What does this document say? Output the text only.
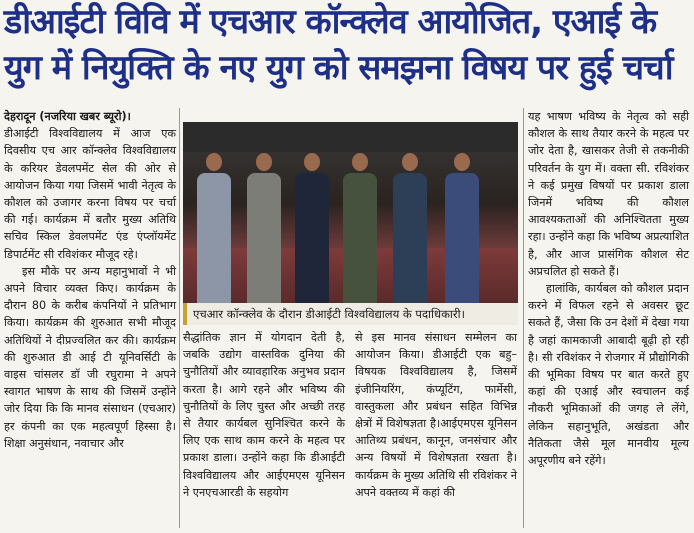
डीआईटी विवि में एचआर कॉन्क्लेव आयोजित, एआई के
युग में नियुक्ति के नए युग को समझना विषय पर हुई चर्चा

देहरादून (नजरिया खबर ब्यूरो)।

डीआईटी विश्वविद्यालय में आज एक दिवसीय एच आर कॉन्क्लेव विश्वविद्यालय के करियर डेवलपमेंट सेल की ओर से आयोजन किया गया जिसमें भावी नेतृत्व के कौशल को उजागर करना विषय पर चर्चा की गई। कार्यक्रम में बतौर मुख्य अतिथि सचिव स्किल डेवलपमेंट एंड एंप्लॉयमेंट डिपार्टमेंट सी रविशंकर मौजूद रहे।

इस मौके पर अन्य महानुभावों ने भी अपने विचार व्यक्त किए। कार्यक्रम के दौरान 80 के करीब कंपनियों ने प्रतिभाग किया। कार्यक्रम की शुरुआत सभी मौजूद अतिथियों ने दीप्रज्वलित कर की। कार्यक्रम की शुरुआत डी आई टी यूनिवर्सिटी के वाइस चांसलर डॉ जी रघुरामा ने अपने स्वागत भाषण के साथ की जिसमें उन्होंने जोर दिया कि कि मानव संसाधन (एचआर) हर कंपनी का एक महत्वपूर्ण हिस्सा है। शिक्षा अनुसंधान, नवाचार और

एचआर कॉन्क्लेव के दौरान डीआईटी विश्वविद्यालय के पदाधिकारी।

सैद्धांतिक ज्ञान में योगदान देती है, जबकि उद्योग वास्तविक दुनिया की चुनौतियों और व्यावहारिक अनुभव प्रदान करता है। आगे रहने और भविष्य की चुनौतियों के लिए चुस्त और अच्छी तरह से तैयार कार्यबल सुनिश्चित करने के लिए एक साथ काम करने के महत्व पर प्रकाश डाला। उन्होंने कहा कि डीआईटी विश्वविद्यालय और आईएमएस यूनिसन ने एनएचआरडी के सहयोग

से इस मानव संसाधन सम्मेलन का आयोजन किया। डीआईटी एक बहु–विषयक विश्वविद्यालय है, जिसमें इंजीनियरिंग, कंप्यूटिंग, फार्मेसी, वास्तुकला और प्रबंधन सहित विभिन्न क्षेत्रों में विशेषज्ञता है।आईएमएस यूनिसन आतिथ्य प्रबंधन, कानून, जनसंचार और अन्य विषयों में विशेषज्ञता रखता है। कार्यक्रम के मुख्य अतिथि सी रविशंकर ने अपने वक्तव्य में कहां की

यह भाषण भविष्य के नेतृत्व को सही कौशल के साथ तैयार करने के महत्व पर जोर देता है, खासकर तेजी से तकनीकी परिवर्तन के युग में। वक्ता सी. रविशंकर ने कई प्रमुख विषयों पर प्रकाश डाला जिनमें भविष्य की कौशल आवश्यकताओं की अनिश्चितता मुख्य रहा। उन्होंने कहा कि भविष्य अप्रत्याशित है, और आज प्रासंगिक कौशल सेट अप्रचलित हो सकते हैं।

हालांकि, कार्यबल को कौशल प्रदान करने में विफल रहने से अवसर छूट सकते हैं, जैसा कि उन देशों में देखा गया है जहां कामकाजी आबादी बूढ़ी हो रही है। सी रविशंकर ने रोजगार में प्रौद्योगिकी की भूमिका विषय पर बात करते हुए कहां की एआई और स्वचालन कई नौकरी भूमिकाओं की जगह ले लेंगे, लेकिन सहानुभूति, अखंडता और नैतिकता जैसे मूल मानवीय मूल्य अपूरणीय बने रहेंगे।
